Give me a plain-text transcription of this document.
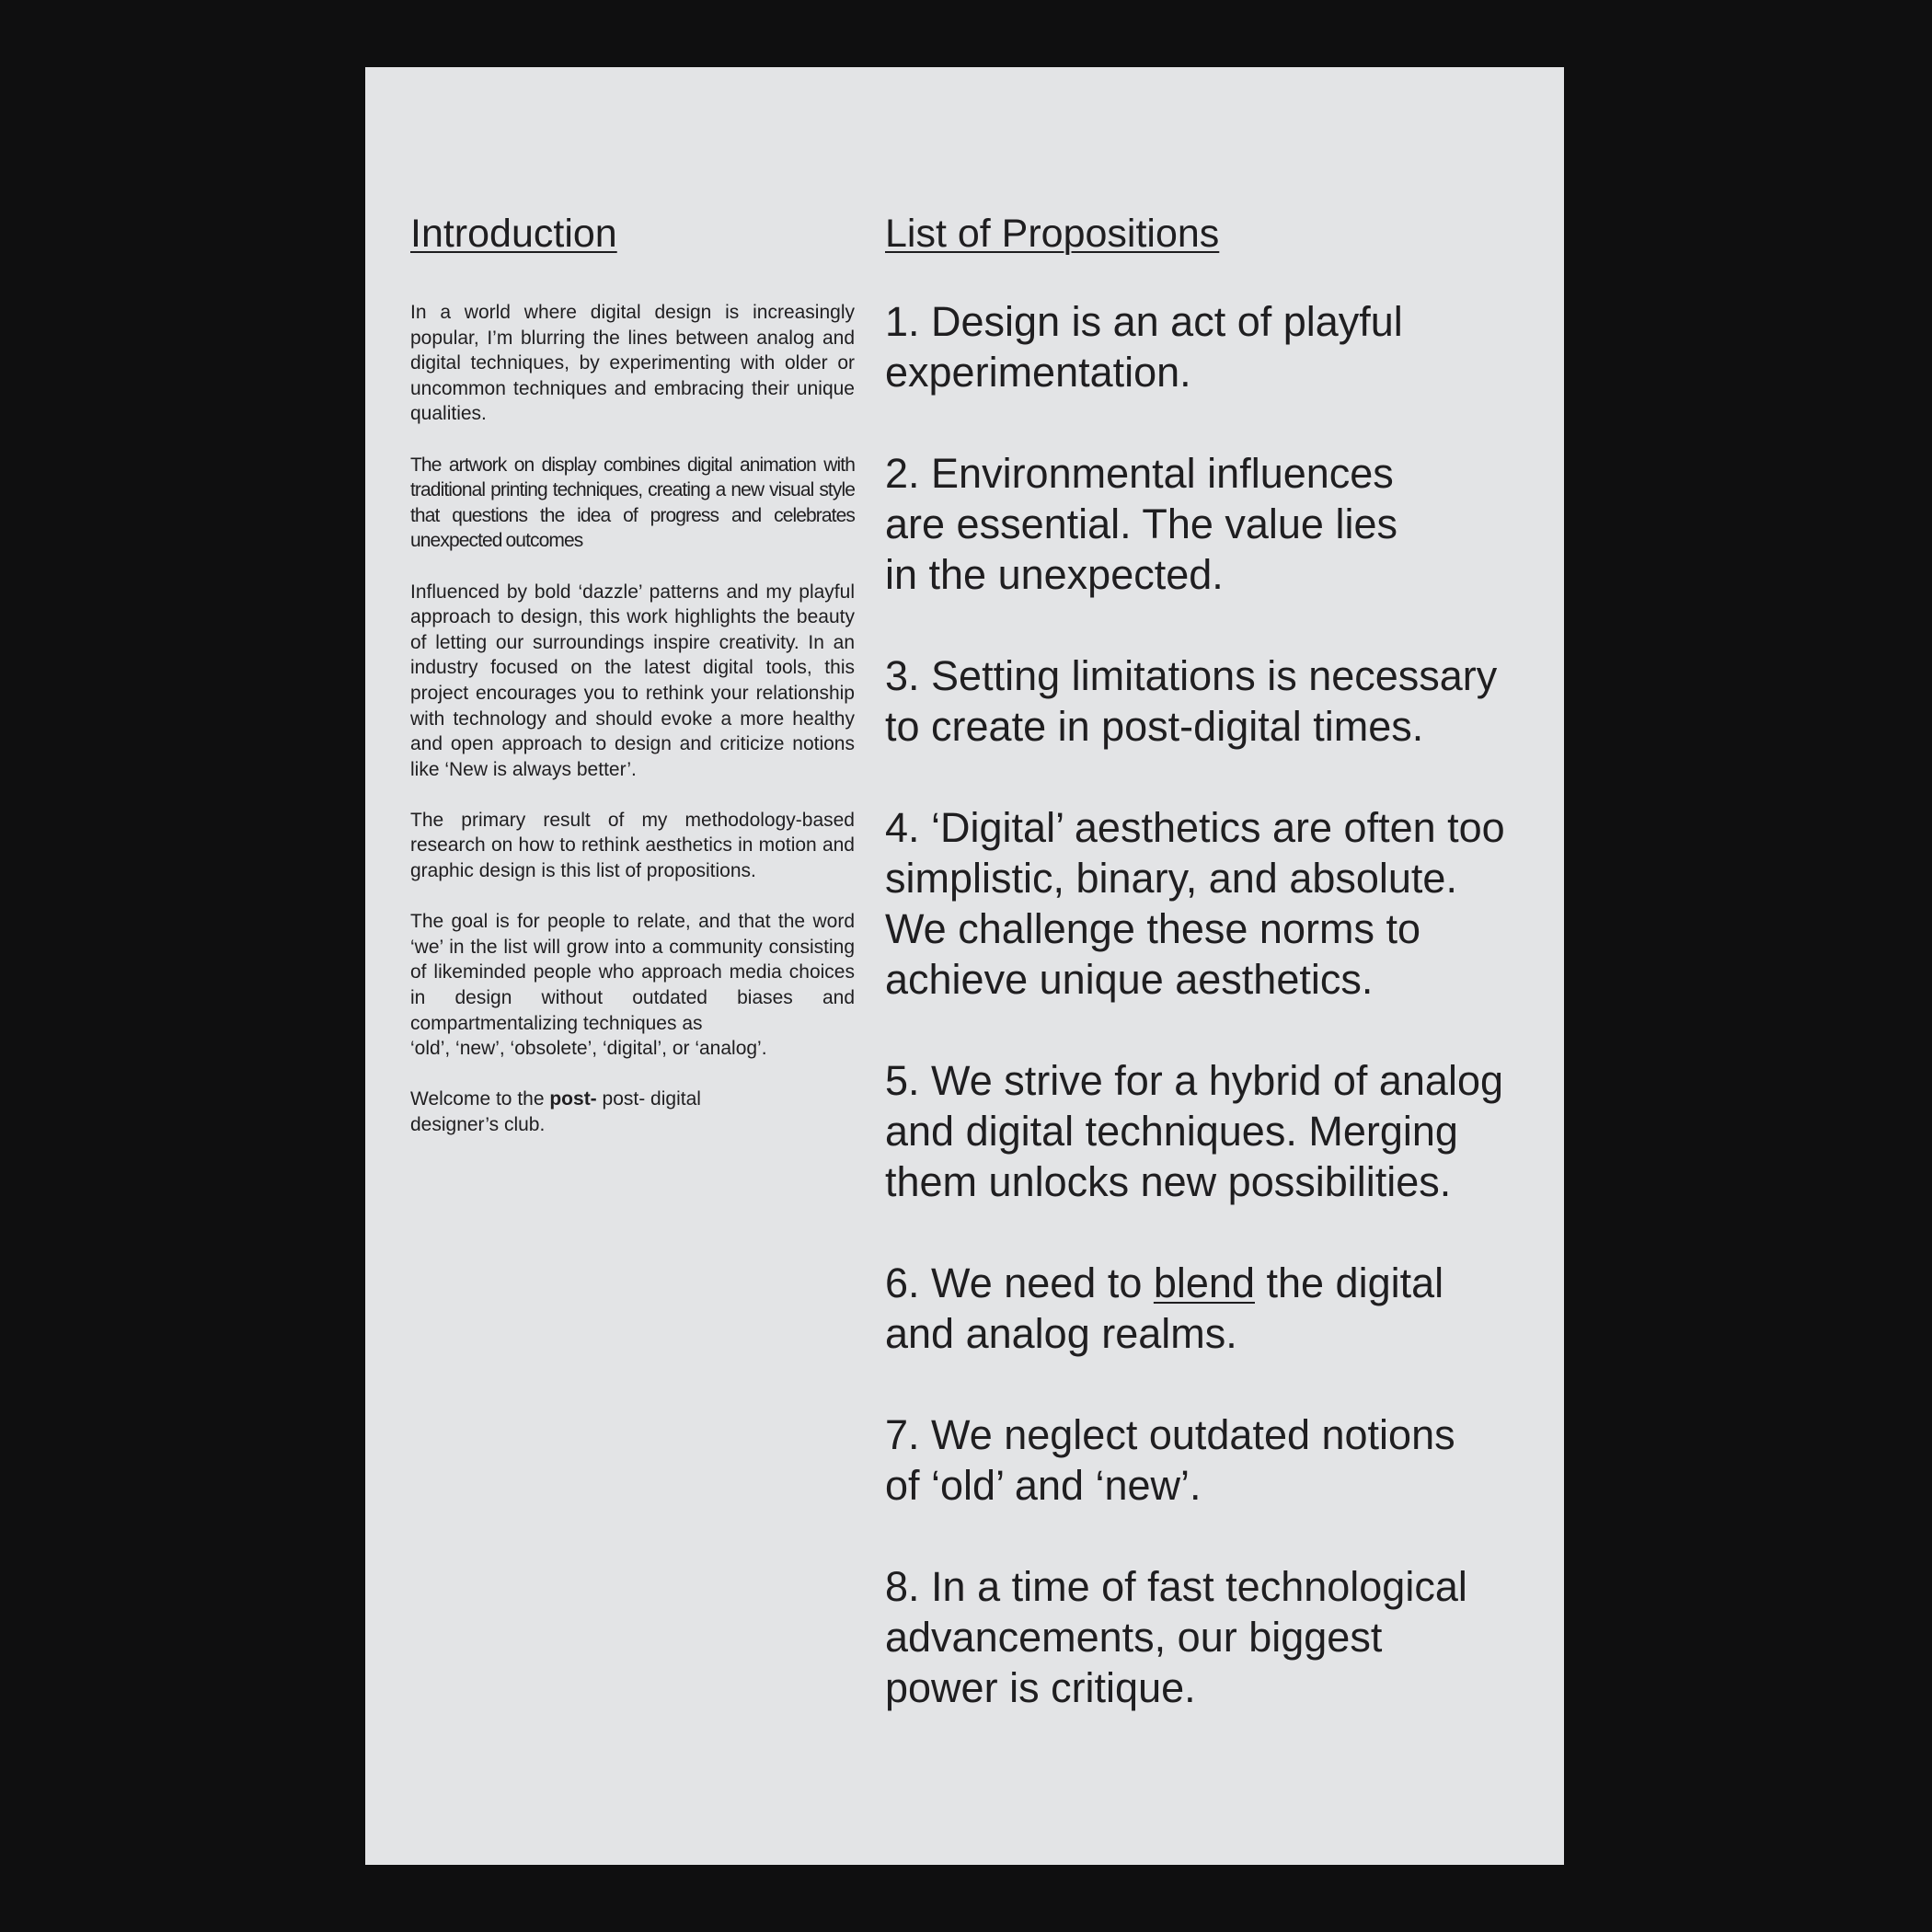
Introduction

In a world where digital design is increasingly popular, I’m blurring the lines between analog and digital techniques, by experimenting with older or uncommon techniques and embracing their unique qualities.

The artwork on display combines digital animation with traditional printing techniques, creating a new visual style that questions the idea of progress and celebrates unexpected outcomes

Influenced by bold ‘dazzle’ patterns and my playful approach to design, this work highlights the beauty of letting our surroundings inspire creativity. In an industry focused on the latest digital tools, this project encourages you to rethink your relationship with technology and should evoke a more healthy and open approach to design and criticize notions like ‘New is always better’.

The primary result of my methodology-based research on how to rethink aesthetics in motion and graphic design is this list of propositions.

The goal is for people to relate, and that the word ‘we’ in the list will grow into a community consisting of likeminded people who approach media choices in design without outdated biases and compartmentalizing techniques as

‘old’, ‘new’, ‘obsolete’, ‘digital’, or ‘analog’.

Welcome to the post- post- digital
designer’s club.

List of Propositions
1. Design is an act of playful
experimentation.
2. Environmental influences
are essential. The value lies
in the unexpected.
3. Setting limitations is necessary
to create in post-digital times.
4. ‘Digital’ aesthetics are often too
simplistic, binary, and absolute.
We challenge these norms to
achieve unique aesthetics.
5. We strive for a hybrid of analog
and digital techniques. Merging
them unlocks new possibilities.
6. We need to blend the digital
and analog realms.
7. We neglect outdated notions
of ‘old’ and ‘new’.
8. In a time of fast technological
advancements, our biggest
power is critique.
